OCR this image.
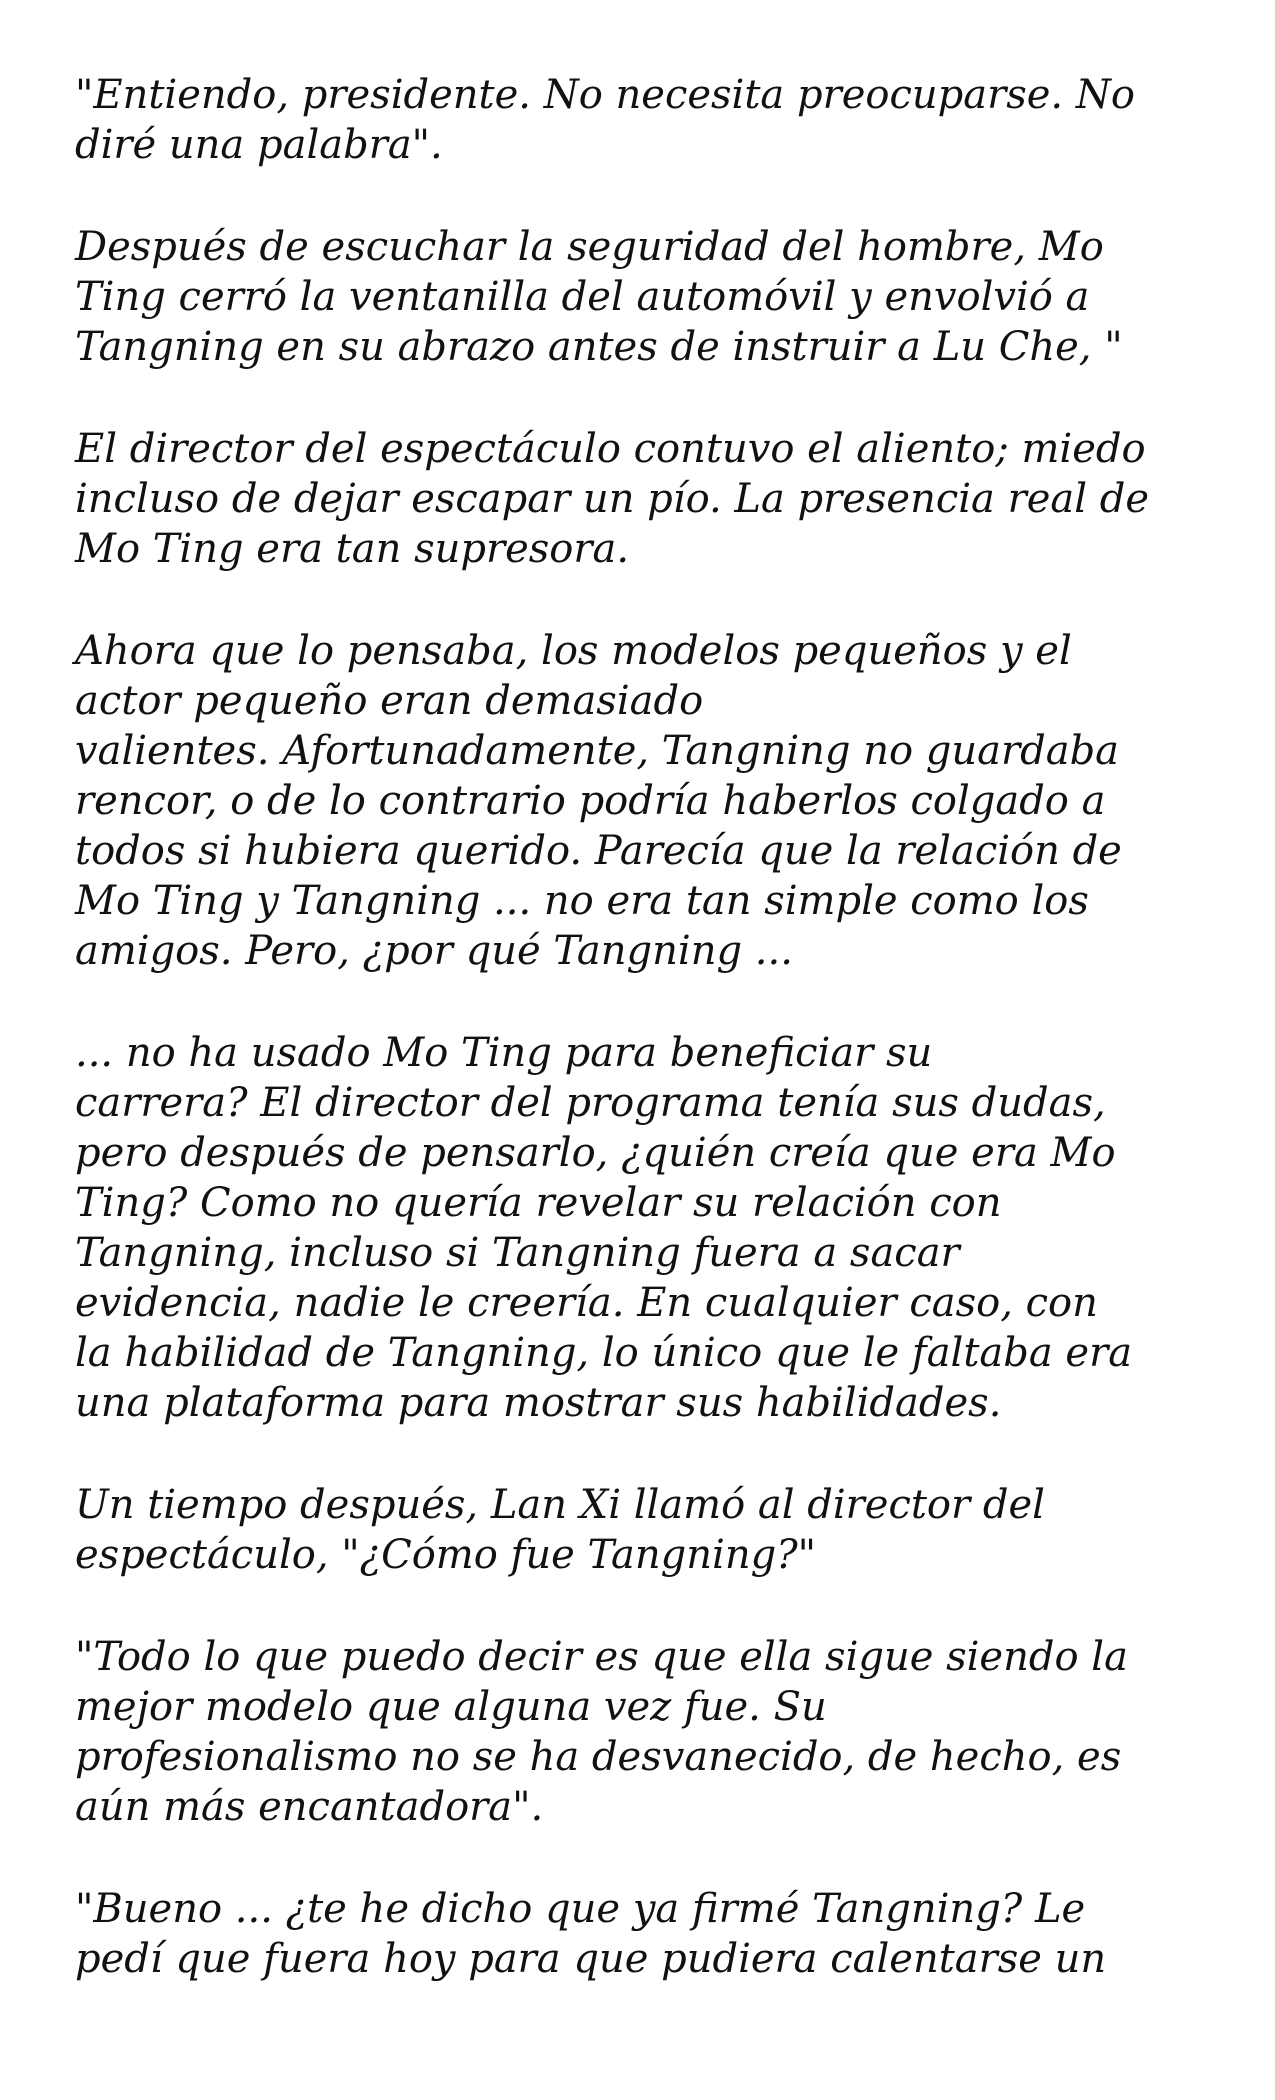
"Entiendo, presidente. No necesita preocuparse. No
diré una palabra".

Después de escuchar la seguridad del hombre, Mo
Ting cerró la ventanilla del automóvil y envolvió a
Tangning en su abrazo antes de instruir a Lu Che, "

El director del espectáculo contuvo el aliento; miedo
incluso de dejar escapar un pío. La presencia real de
Mo Ting era tan supresora.

Ahora que lo pensaba, los modelos pequeños y el
actor pequeño eran demasiado
valientes. Afortunadamente, Tangning no guardaba
rencor, o de lo contrario podría haberlos colgado a
todos si hubiera querido. Parecía que la relación de
Mo Ting y Tangning ... no era tan simple como los
amigos. Pero, ¿por qué Tangning ...

... no ha usado Mo Ting para beneficiar su
carrera? El director del programa tenía sus dudas,
pero después de pensarlo, ¿quién creía que era Mo
Ting? Como no quería revelar su relación con
Tangning, incluso si Tangning fuera a sacar
evidencia, nadie le creería. En cualquier caso, con
la habilidad de Tangning, lo único que le faltaba era
una plataforma para mostrar sus habilidades.

Un tiempo después, Lan Xi llamó al director del
espectáculo, "¿Cómo fue Tangning?"

"Todo lo que puedo decir es que ella sigue siendo la
mejor modelo que alguna vez fue. Su
profesionalismo no se ha desvanecido, de hecho, es
aún más encantadora".

"Bueno ... ¿te he dicho que ya firmé Tangning? Le
pedí que fuera hoy para que pudiera calentarse un
